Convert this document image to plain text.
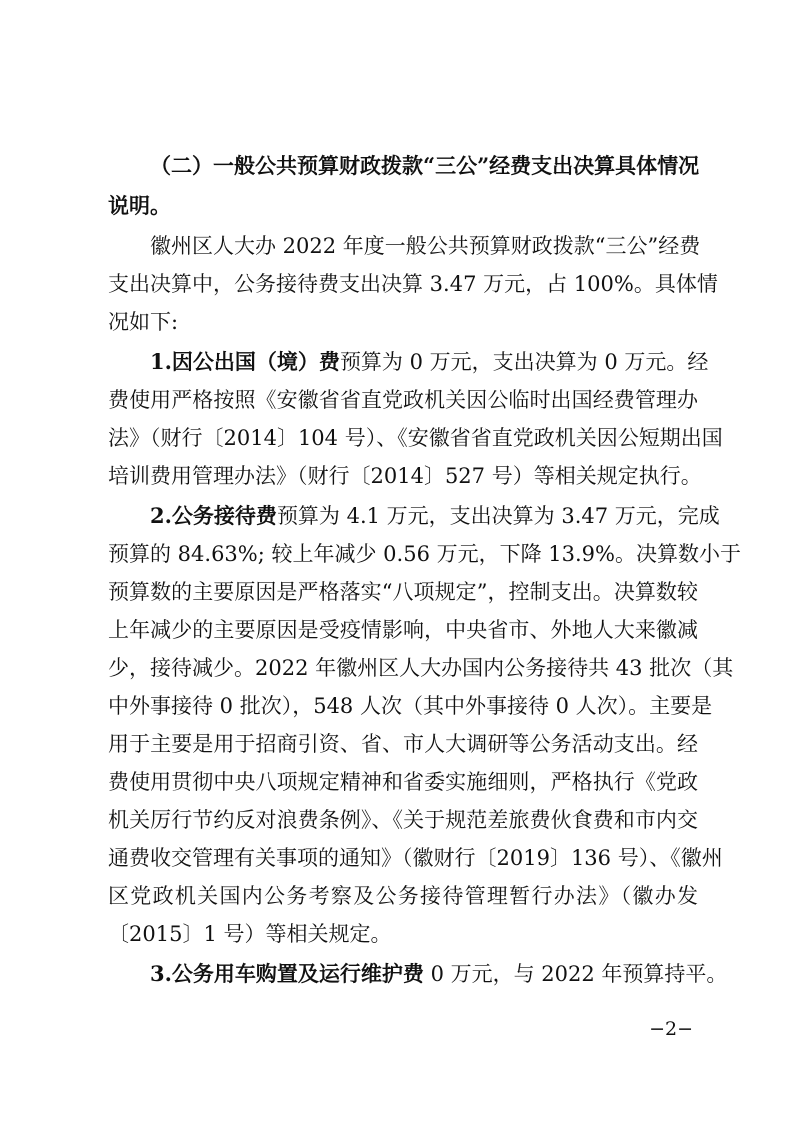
（二）一般公共预算财政拨款“三公”经费支出决算具体情况
说明。
徽州区人大办 2022 年度一般公共预算财政拨款“三公”经费
支出决算中，公务接待费支出决算 3.47 万元，占 100%。具体情
况如下:
1.因公出国（境）费预算为 0 万元，支出决算为 0 万元。经
费使用严格按照《安徽省省直党政机关因公临时出国经费管理办
法》（财行〔2014〕104 号）、《安徽省省直党政机关因公短期出国
培训费用管理办法》（财行〔2014〕527 号）等相关规定执行。
2.公务接待费预算为 4.1 万元，支出决算为 3.47 万元，完成
预算的 84.63%; 较上年减少 0.56 万元，下降 13.9%。决算数小于
预算数的主要原因是严格落实“八项规定”，控制支出。决算数较
上年减少的主要原因是受疫情影响，中央省市、外地人大来徽减
少，接待减少。2022 年徽州区人大办国内公务接待共 43 批次（其
中外事接待 0 批次），548 人次（其中外事接待 0 人次）。主要是
用于主要是用于招商引资、省、市人大调研等公务活动支出。经
费使用贯彻中央八项规定精神和省委实施细则，严格执行《党政
机关厉行节约反对浪费条例》、《关于规范差旅费伙食费和市内交
通费收交管理有关事项的通知》（徽财行〔2019〕136 号）、《徽州
区党政机关国内公务考察及公务接待管理暂行办法》（徽办发
〔2015〕1 号）等相关规定。
3.公务用车购置及运行维护费 0 万元，与 2022 年预算持平。
−2−
